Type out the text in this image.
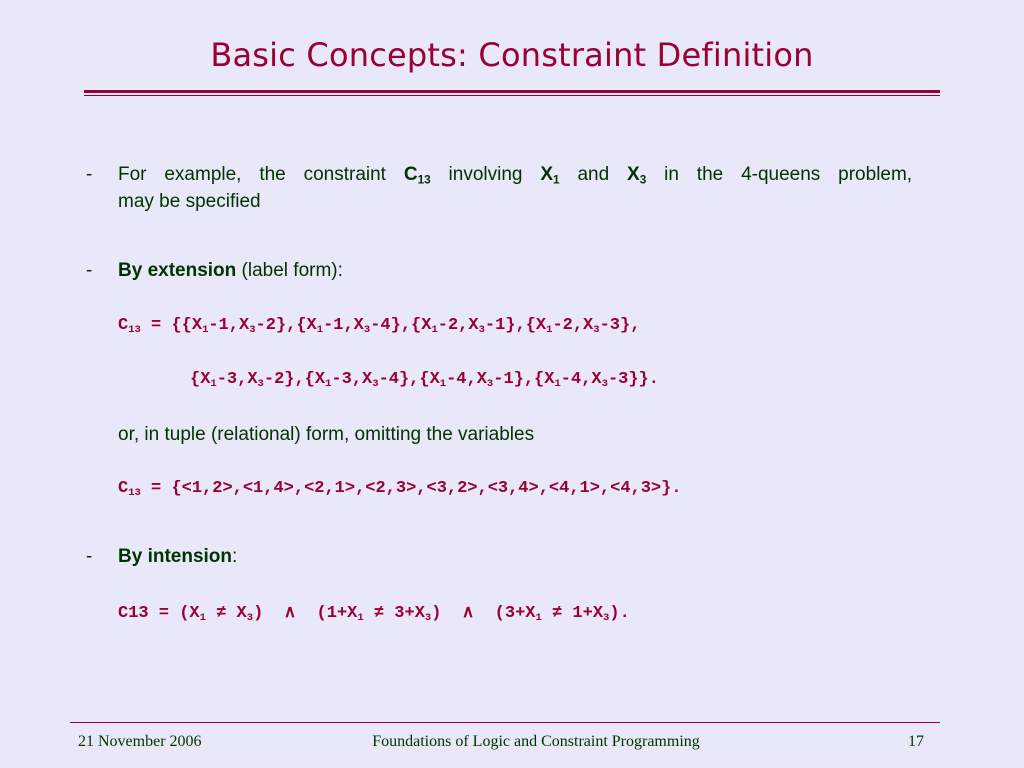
Basic Concepts: Constraint Definition
- For example, the constraint $C_{13}$ involving $X_1$ and $X_3$ in the 4-queens problem,
may be specified
- By extension (label form):
$C_{13} = \{\{X_1-1,X_3-2\},\{X_1-1,X_3-4\},\{X_1-2,X_3-1\},\{X_1-2,X_3-3\}$,
$\{X_1-3,X_3-2\},\{X_1-3,X_3-4\},\{X_1-4,X_3-1\},\{X_1-4,X_3-3\}$}.
or, in tuple (relational) form, omitting the variables
$C_{13} = \{<1,2>,<1,4>,<2,1>,<2,3>,<3,2>,<3,4>,<4,1>,<4,3>\}$.
- By intension:
$C13 = (X_1 \ne X_3)$  ∧  $(1+X_1 \ne 3+X_3)$  ∧  $(3+X_1 \ne 1+X_3)$.
21 November 2006	Foundations of Logic and Constraint Programming	17
